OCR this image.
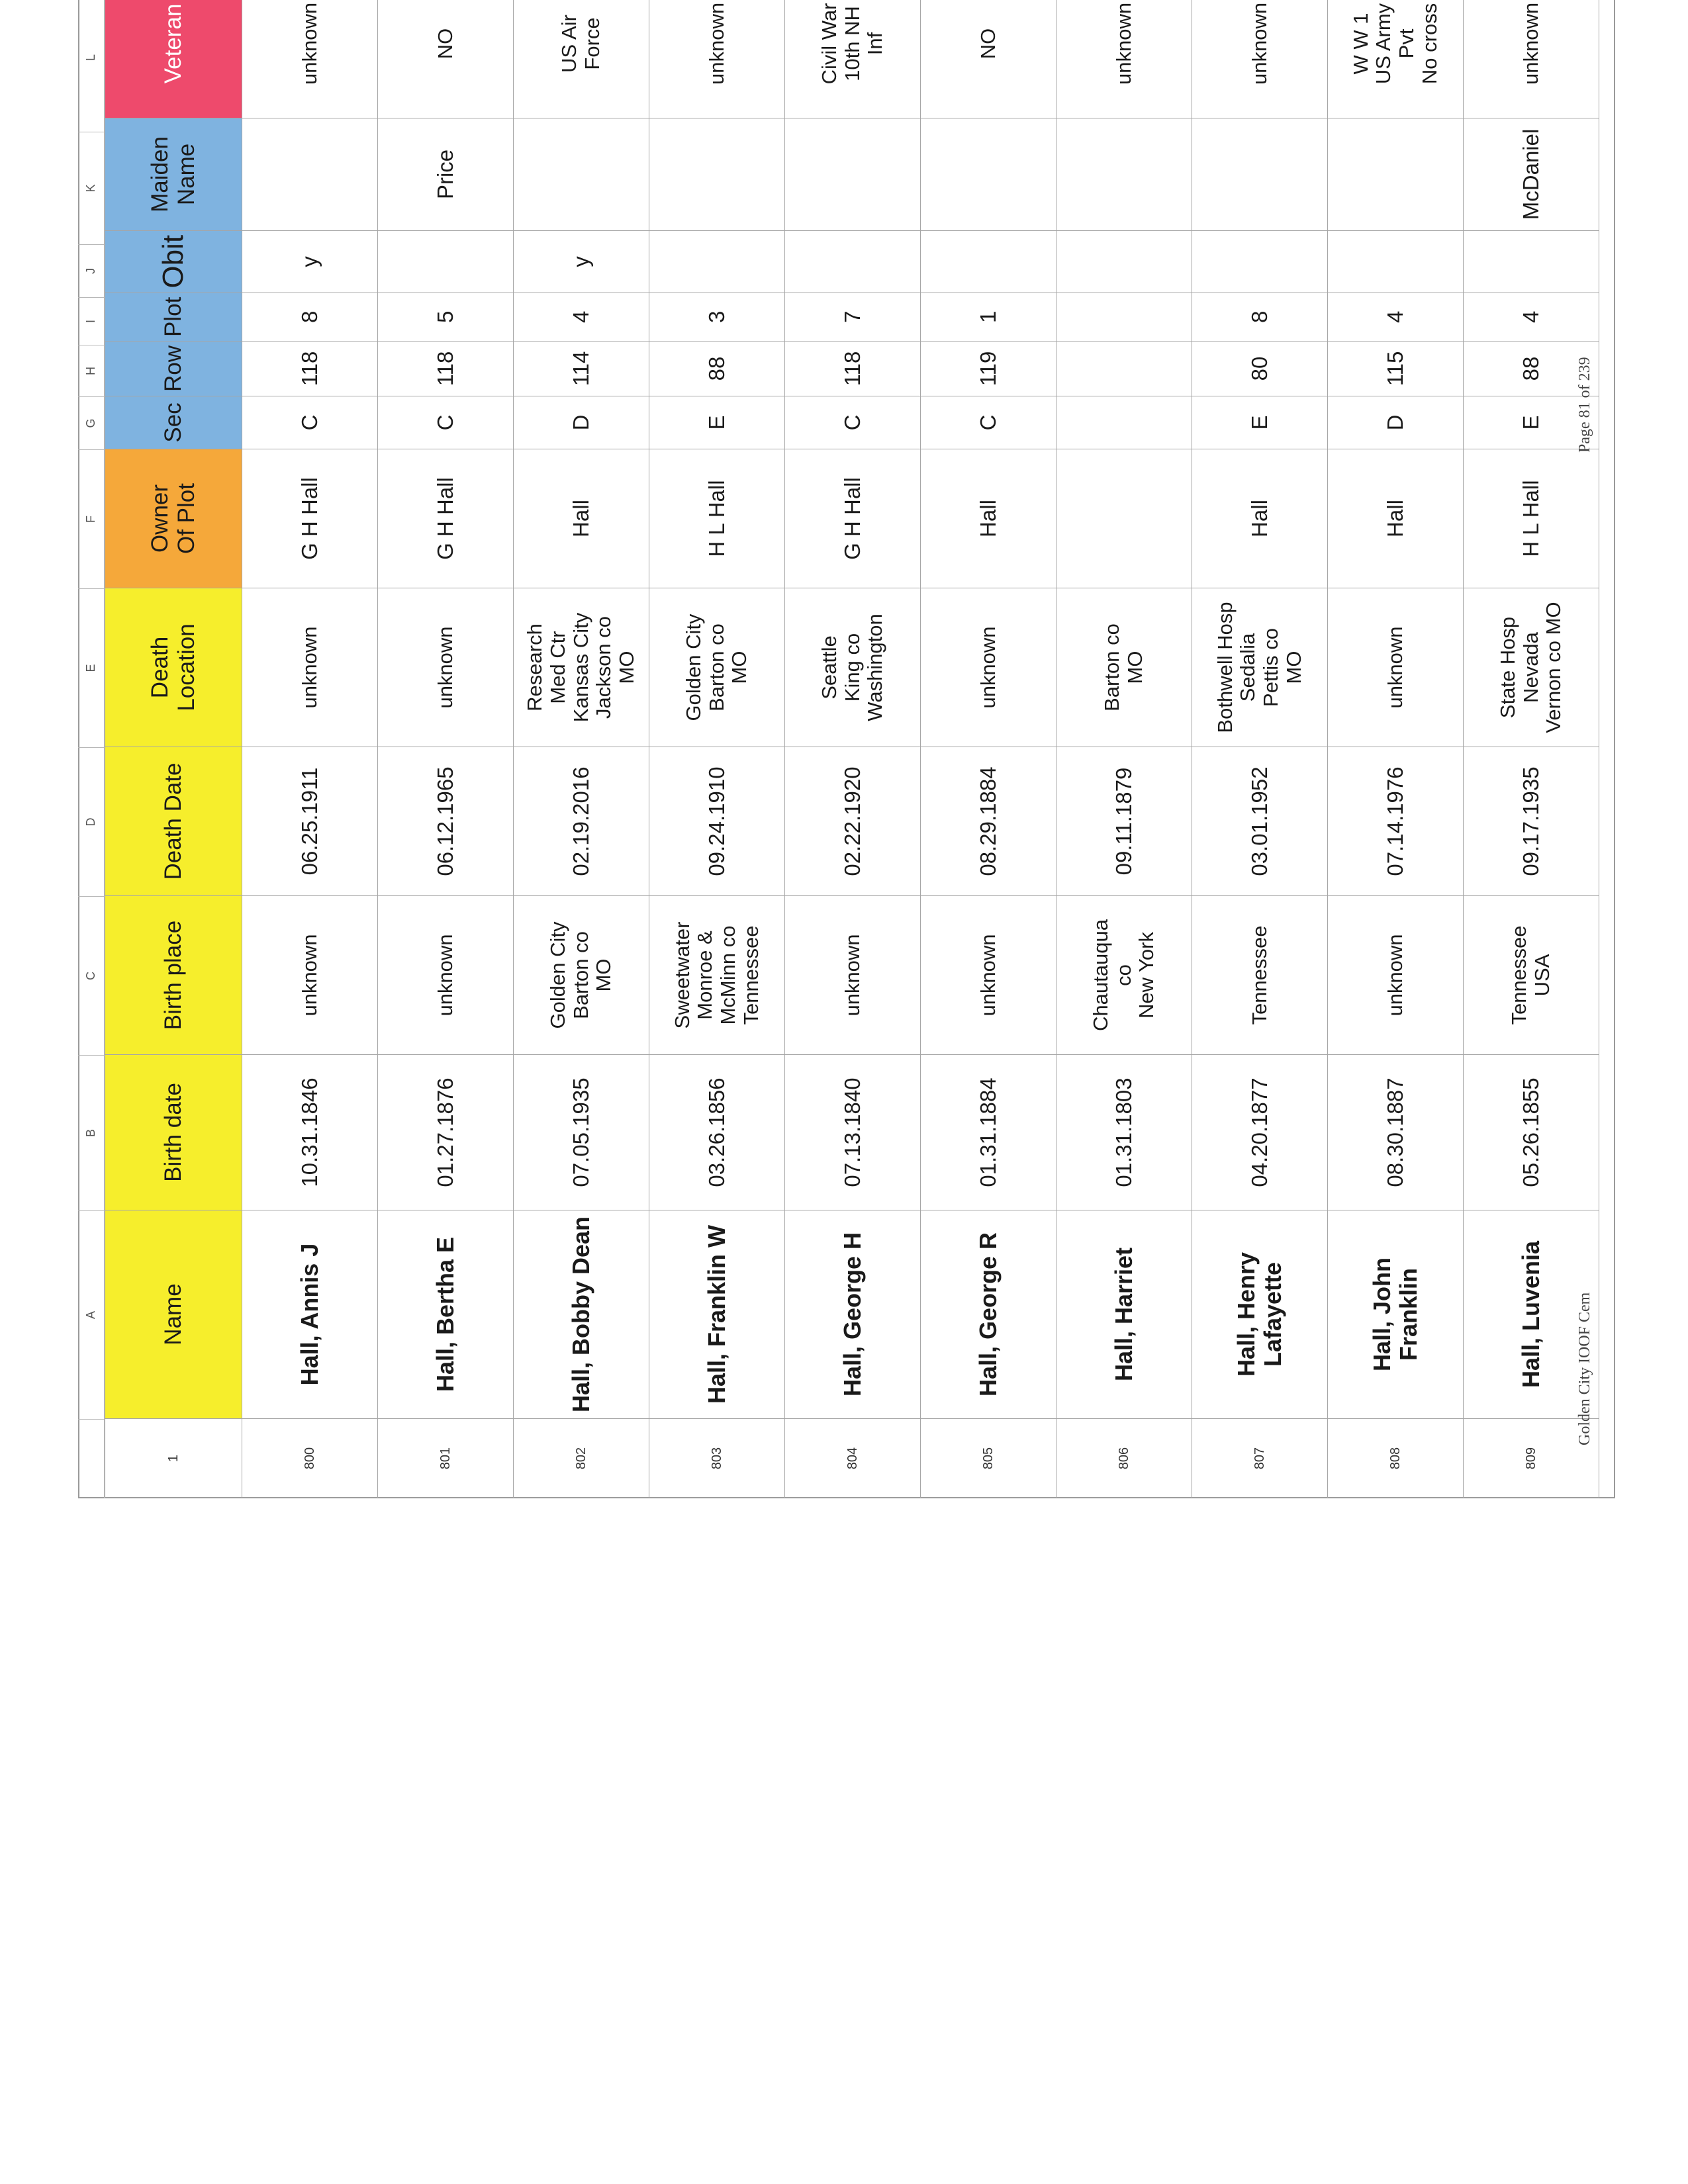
A
B
C
D
E
F
G
H
I
J
K
L
1	Name	Birth date	Birth place	Death Date	Death
Location	Owner
Of Plot	Sec	Row	Plot	Obit	Maiden
Name	Veteran			
800	Hall, Annis J	10.31.1846	unknown	06.25.1911	unknown	G H Hall	C	118	8	y		unknown			
801	Hall, Bertha E	01.27.1876	unknown	06.12.1965	unknown	G H Hall	C	118	5		Price	NO	

802	Hall, Bobby Dean	07.05.1935	Golden City
Barton co
MO	02.19.2016	Research
Med Ctr
Kansas City
Jackson co
MO	Hall	D	114	4	y		US Air
Force	

803	Hall, Franklin W	03.26.1856	Sweetwater
Monroe &
McMinn co
Tennessee	09.24.1910	Golden City
Barton co
MO	H L Hall	E	88	3			unknown		

804	Hall, George H	07.13.1840	unknown	02.22.1920	Seattle
King co
Washington	G H Hall	C	118	7			Civil War
10th NH
Inf			
805	Hall, George R	01.31.1884	unknown	08.29.1884	unknown	Hall	C	119	1			NO			

806	Hall, Harriet	01.31.1803	Chautauqua
co
New York	09.11.1879	Barton co
MO							unknown			

807	Hall, Henry
Lafayette	04.20.1877	Tennessee	03.01.1952	Bothwell Hosp
Sedalia
Pettis co
MO	Hall	E	80	8			unknown		

808	Hall, John Franklin	08.30.1887	unknown	07.14.1976	unknown	Hall	D	115	4			W W 1
US Army
Pvt
No cross			

809	Hall, Luvenia	05.26.1855	Tennessee
USA	09.17.1935	State Hosp
Nevada
Vernon co MO	H L Hall	E	88	4		McDaniel	unknown	

Golden City IOOF Cem
Page 81 of 239
